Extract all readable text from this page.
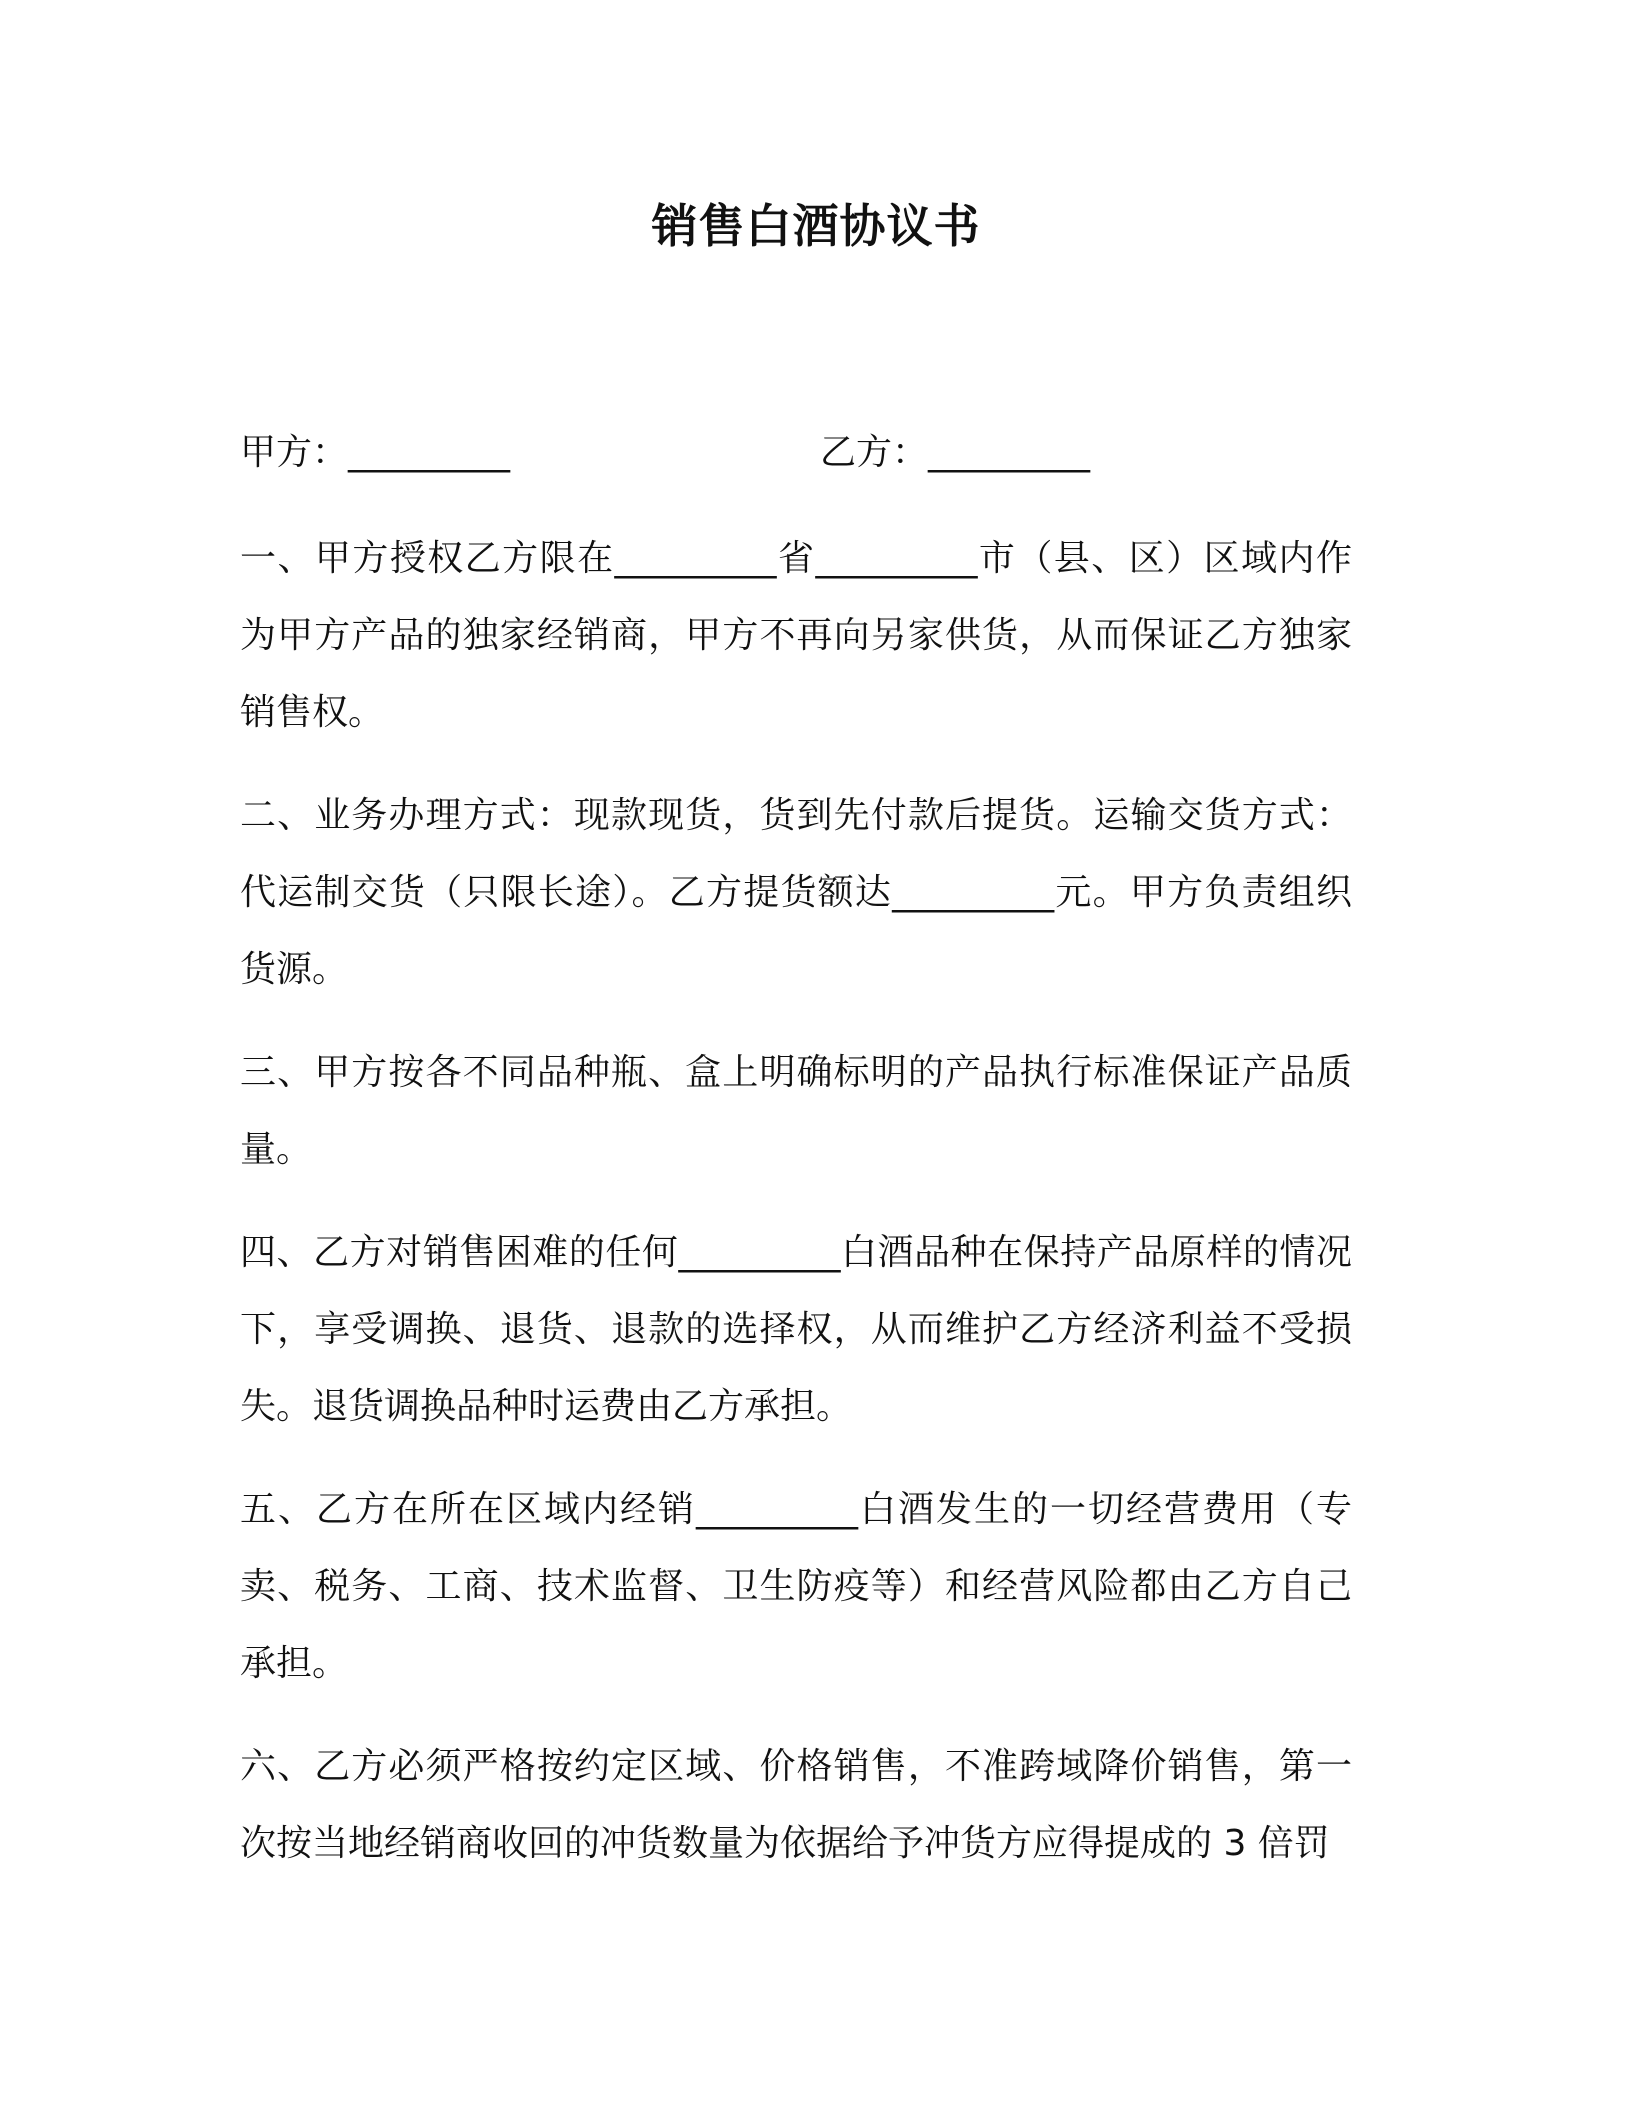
销售白酒协议书
甲方：_________	乙方：_________

一、甲方授权乙方限在_________省_________市（县、区）区域内作为甲方产品的独家经销商，甲方不再向另家供货，从而保证乙方独家销售权。

二、业务办理方式：现款现货，货到先付款后提货。运输交货方式：代运制交货（只限长途）。乙方提货额达_________元。甲方负责组织货源。

三、甲方按各不同品种瓶、盒上明确标明的产品执行标准保证产品质量。

四、乙方对销售困难的任何_________白酒品种在保持产品原样的情况下，享受调换、退货、退款的选择权，从而维护乙方经济利益不受损失。退货调换品种时运费由乙方承担。

五、乙方在所在区域内经销_________白酒发生的一切经营费用（专卖、税务、工商、技术监督、卫生防疫等）和经营风险都由乙方自己承担。

六、乙方必须严格按约定区域、价格销售，不准跨域降价销售，第一次按当地经销商收回的冲货数量为依据给予冲货方应得提成的 3 倍罚
